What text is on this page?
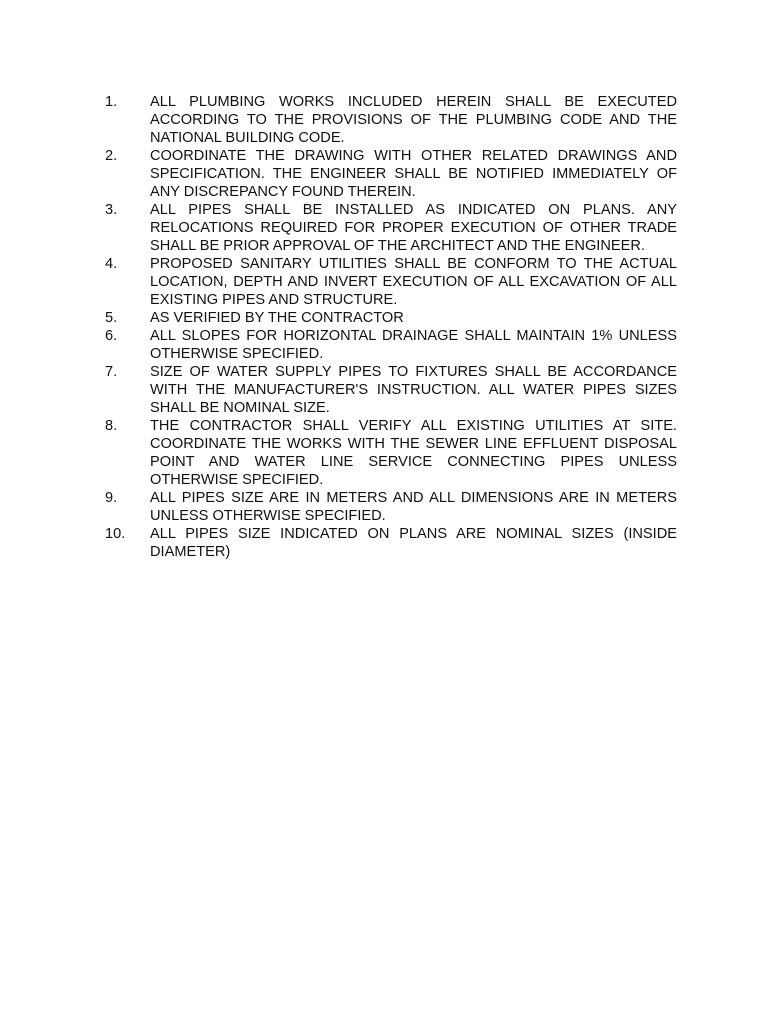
1.	ALL PLUMBING WORKS INCLUDED HEREIN SHALL BE EXECUTED ACCORDING TO THE PROVISIONS OF THE PLUMBING CODE AND THE NATIONAL BUILDING CODE.
2.	COORDINATE THE DRAWING WITH OTHER RELATED DRAWINGS AND SPECIFICATION. THE ENGINEER SHALL BE NOTIFIED IMMEDIATELY OF ANY DISCREPANCY FOUND THEREIN.
3.	ALL PIPES SHALL BE INSTALLED AS INDICATED ON PLANS. ANY RELOCATIONS REQUIRED FOR PROPER EXECUTION OF OTHER TRADE SHALL BE PRIOR APPROVAL OF THE ARCHITECT AND THE ENGINEER.
4.	PROPOSED SANITARY UTILITIES SHALL BE CONFORM TO THE ACTUAL LOCATION, DEPTH AND INVERT EXECUTION OF ALL EXCAVATION OF ALL EXISTING PIPES AND STRUCTURE.
5.	AS VERIFIED BY THE CONTRACTOR
6.	ALL SLOPES FOR HORIZONTAL DRAINAGE SHALL MAINTAIN 1% UNLESS OTHERWISE SPECIFIED.
7.	SIZE OF WATER SUPPLY PIPES TO FIXTURES SHALL BE ACCORDANCE WITH THE MANUFACTURER'S INSTRUCTION. ALL WATER PIPES SIZES SHALL BE NOMINAL SIZE.
8.	THE CONTRACTOR SHALL VERIFY ALL EXISTING UTILITIES AT SITE. COORDINATE THE WORKS WITH THE SEWER LINE EFFLUENT DISPOSAL POINT AND WATER LINE SERVICE CONNECTING PIPES UNLESS OTHERWISE SPECIFIED.
9.	ALL PIPES SIZE ARE IN METERS AND ALL DIMENSIONS ARE IN METERS UNLESS OTHERWISE SPECIFIED.
10.	ALL PIPES SIZE INDICATED ON PLANS ARE NOMINAL SIZES (INSIDE DIAMETER)
